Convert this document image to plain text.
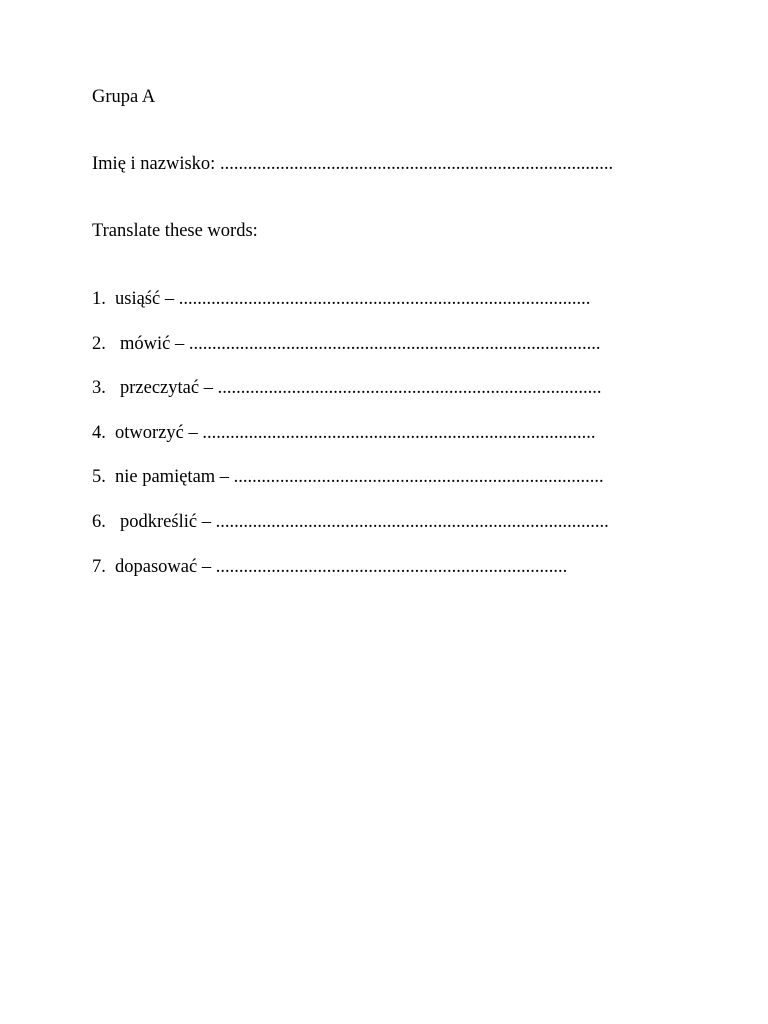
Grupa A
Imię i nazwisko: .....................................................................................
Translate these words:
1. usiąść – .........................................................................................
2. mówić – .........................................................................................
3. przeczytać – ...................................................................................
4. otworzyć – .....................................................................................
5. nie pamiętam – ................................................................................
6. podkreślić – .....................................................................................
7. dopasować – ............................................................................
